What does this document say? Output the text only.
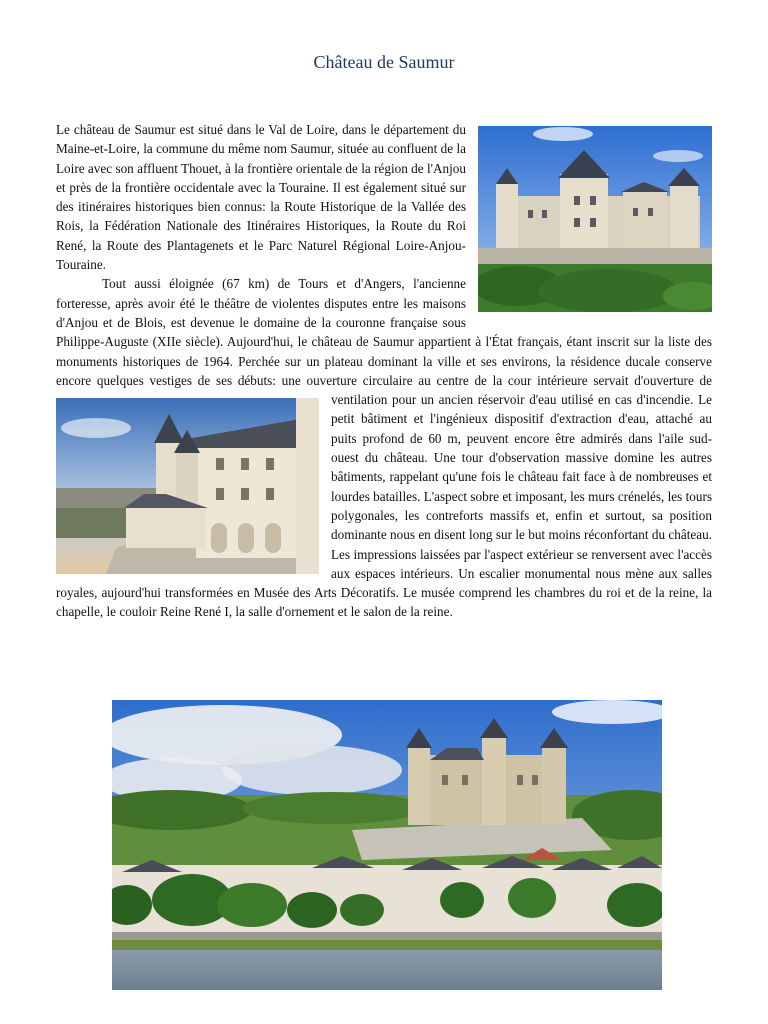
Château de Saumur

Le château de Saumur est situé dans le Val de Loire, dans le département du Maine-et-Loire, la commune du même nom Saumur, située au confluent de la Loire avec son affluent Thouet, à la frontière orientale de la région de l'Anjou et près de la frontière occidentale avec la Touraine. Il est également situé sur des itinéraires historiques bien connus: la Route Historique de la Vallée des Rois, la Fédération Nationale des Itinéraires Historiques, la Route du Roi René, la Route des Plantagenets et le Parc Naturel Régional Loire-Anjou-Touraine.

Tout aussi éloignée (67 km) de Tours et d'Angers, l'ancienne forteresse, après avoir été le théâtre de violentes disputes entre les maisons d'Anjou et de Blois, est devenue le domaine de la couronne française sous Philippe-Auguste (XIIe siècle). Aujourd'hui, le château de Saumur appartient à l'État français, étant inscrit sur la liste des monuments historiques de 1964. Perchée sur un plateau dominant la ville et ses environs, la résidence ducale conserve encore quelques vestiges de ses débuts: une ouverture circulaire au centre de la cour intérieure servait d'ouverture de ventilation pour un
ancien réservoir d'eau utilisé en cas d'incendie. Le petit bâtiment et l'ingénieux dispositif d'extraction d'eau, attaché au puits profond de 60 m, peuvent encore être admirés dans l'aile sud-ouest du château. Une tour d'observation massive domine les autres bâtiments, rappelant qu'une fois le château fait face à de nombreuses et lourdes batailles. L'aspect sobre et imposant, les murs crénelés, les tours polygonales, les contreforts massifs et, enfin et surtout, sa position dominante nous en disent long sur le but moins réconfortant du château. Les impressions laissées par l'aspect extérieur se renversent avec l'accès aux espaces intérieurs. Un escalier monumental nous mène aux salles royales, aujourd'hui transformées en Musée des Arts Décoratifs. Le musée comprend les chambres du roi et de la reine, la chapelle, le couloir Reine René I, la salle d'ornement et le salon de la reine.
